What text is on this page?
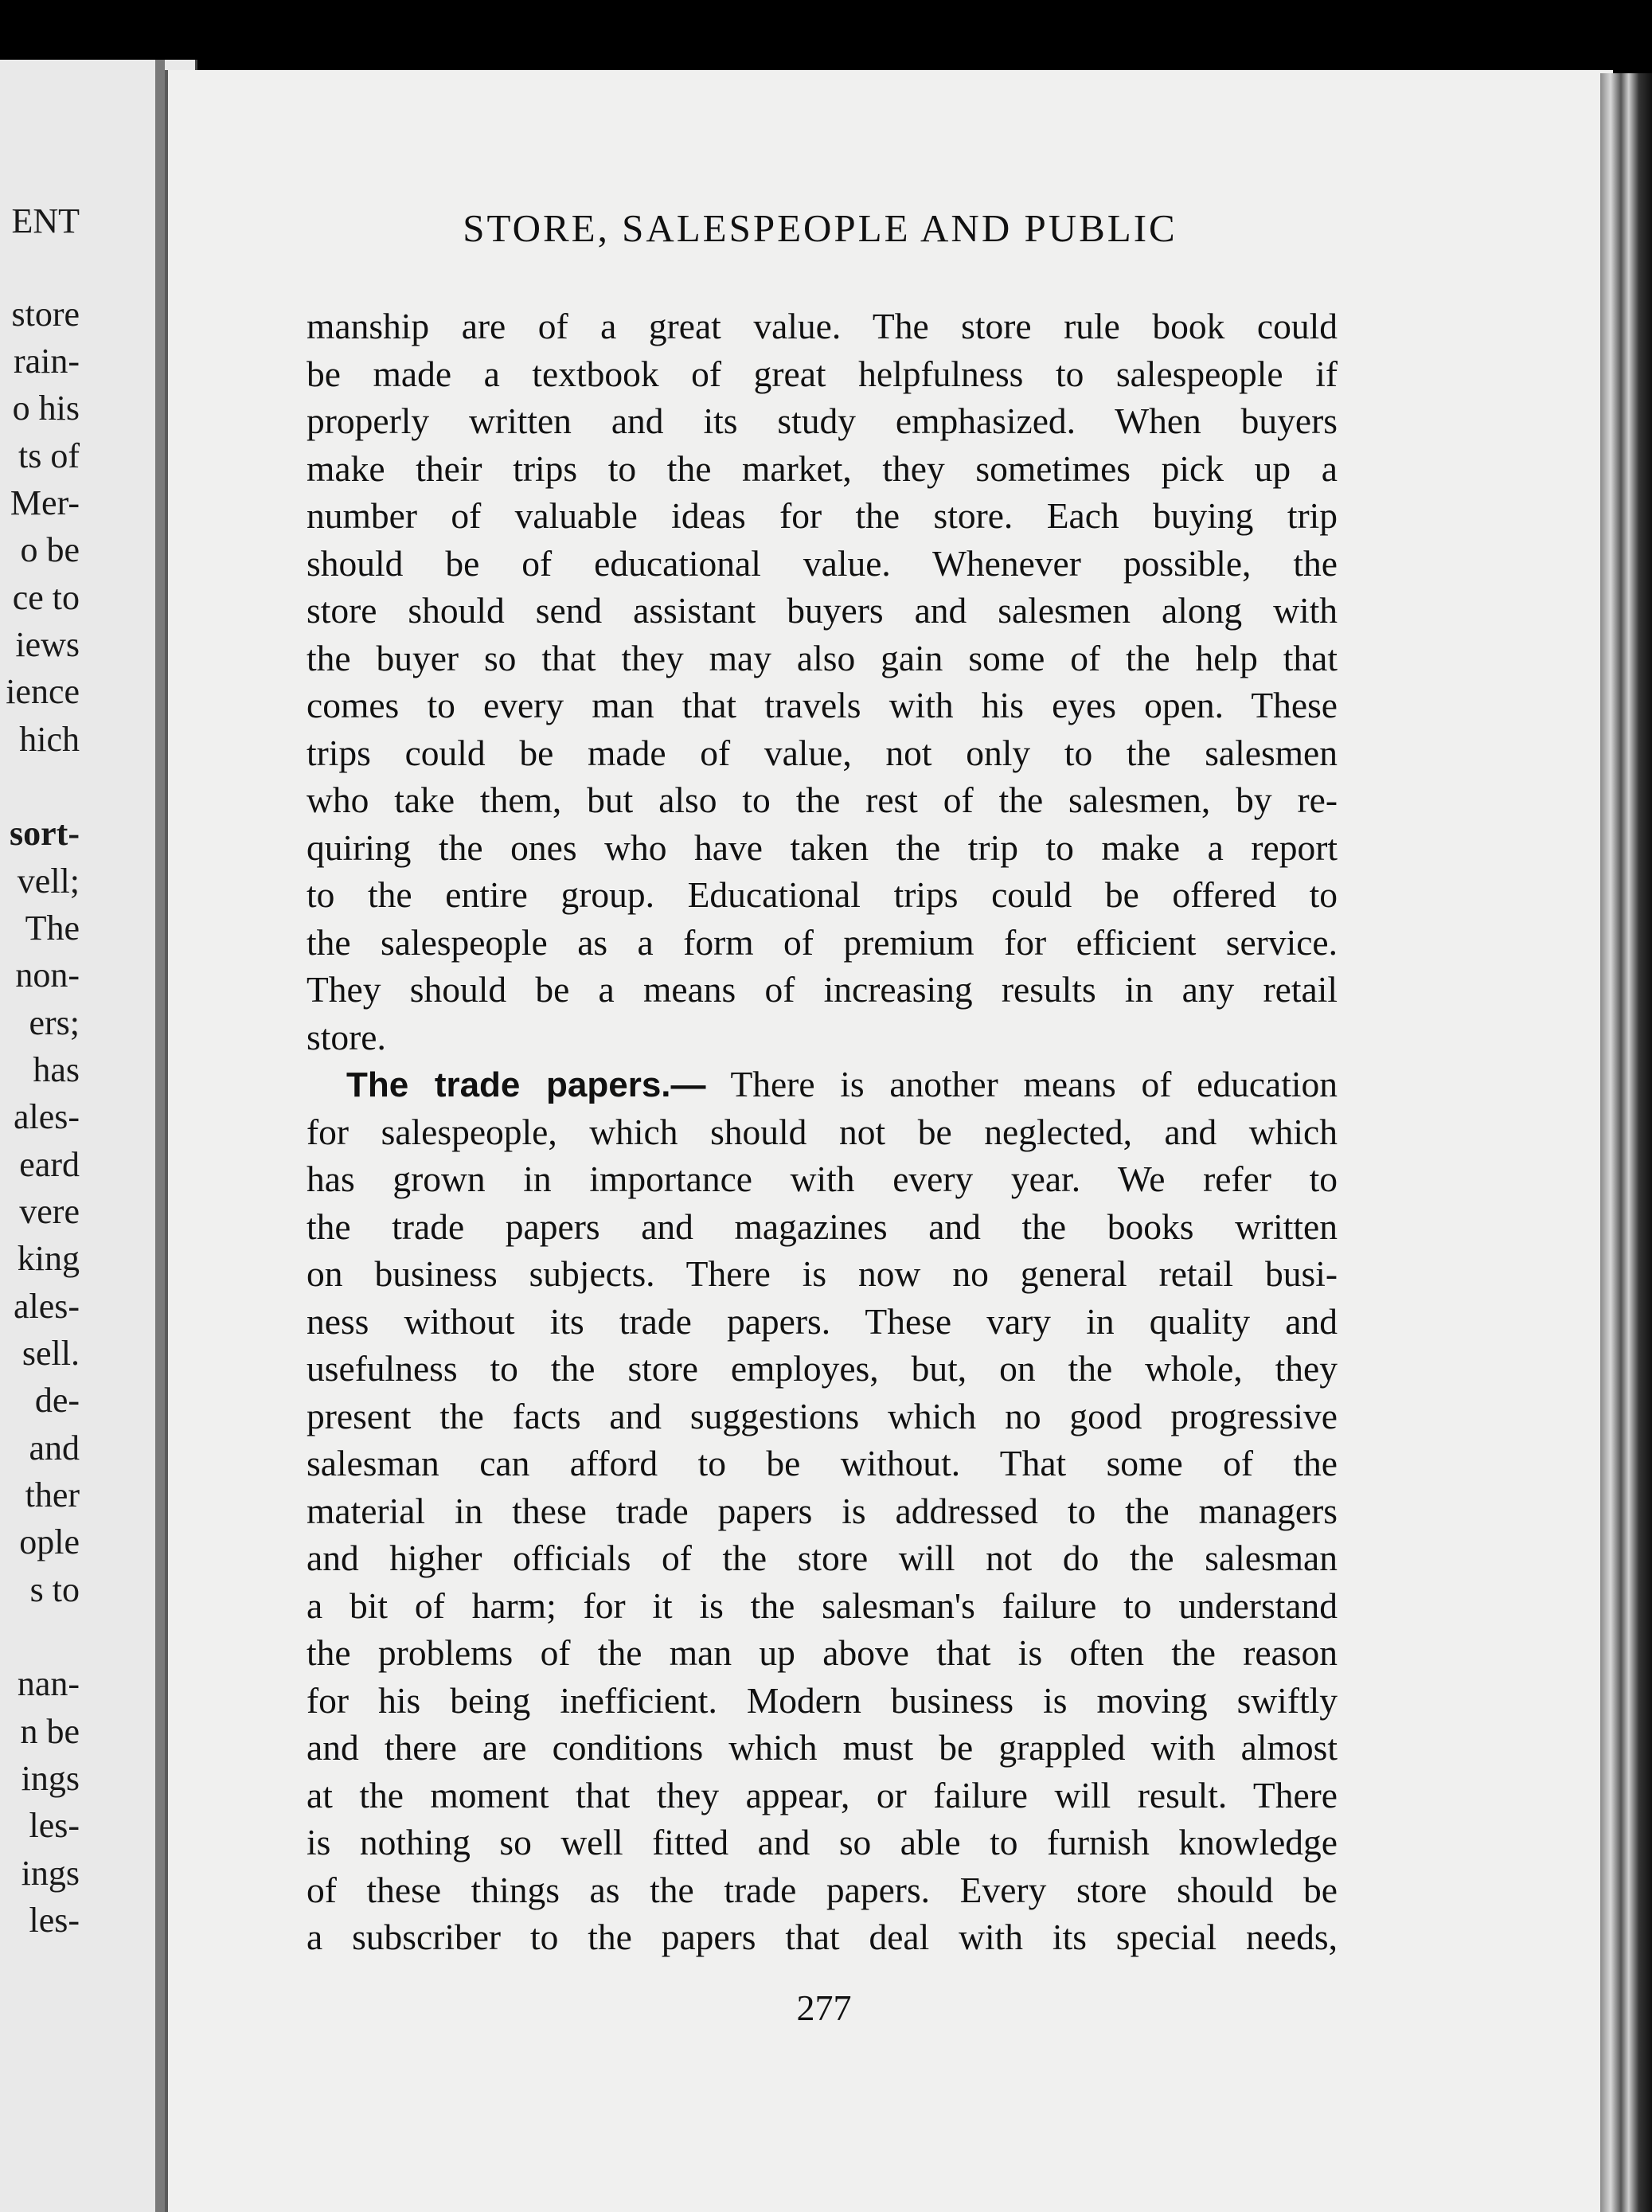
ENT
store
rain-
o his
ts of
Mer-
o be
ce to
iews
ience
hich
sort-
vell;
The
non-
ers;
has
ales-
eard
vere
king
ales-
sell.
de-
and
ther
ople
s to
nan-
n be
ings
les-
ings
les-
STORE, SALESPEOPLE AND PUBLIC
manship are of a great value. The store rule book could
be made a textbook of great helpfulness to salespeople if
properly written and its study emphasized. When buyers
make their trips to the market, they sometimes pick up a
number of valuable ideas for the store. Each buying trip
should be of educational value. Whenever possible, the
store should send assistant buyers and salesmen along with
the buyer so that they may also gain some of the help that
comes to every man that travels with his eyes open. These
trips could be made of value, not only to the salesmen
who take them, but also to the rest of the salesmen, by re-
quiring the ones who have taken the trip to make a report
to the entire group. Educational trips could be offered to
the salespeople as a form of premium for efficient service.
They should be a means of increasing results in any retail
store.
The trade papers.— There is another means of education
for salespeople, which should not be neglected, and which
has grown in importance with every year. We refer to
the trade papers and magazines and the books written
on business subjects. There is now no general retail busi-
ness without its trade papers. These vary in quality and
usefulness to the store employes, but, on the whole, they
present the facts and suggestions which no good progressive
salesman can afford to be without. That some of the
material in these trade papers is addressed to the managers
and higher officials of the store will not do the salesman
a bit of harm; for it is the salesman's failure to understand
the problems of the man up above that is often the reason
for his being inefficient. Modern business is moving swiftly
and there are conditions which must be grappled with almost
at the moment that they appear, or failure will result. There
is nothing so well fitted and so able to furnish knowledge
of these things as the trade papers. Every store should be
a subscriber to the papers that deal with its special needs,
277
